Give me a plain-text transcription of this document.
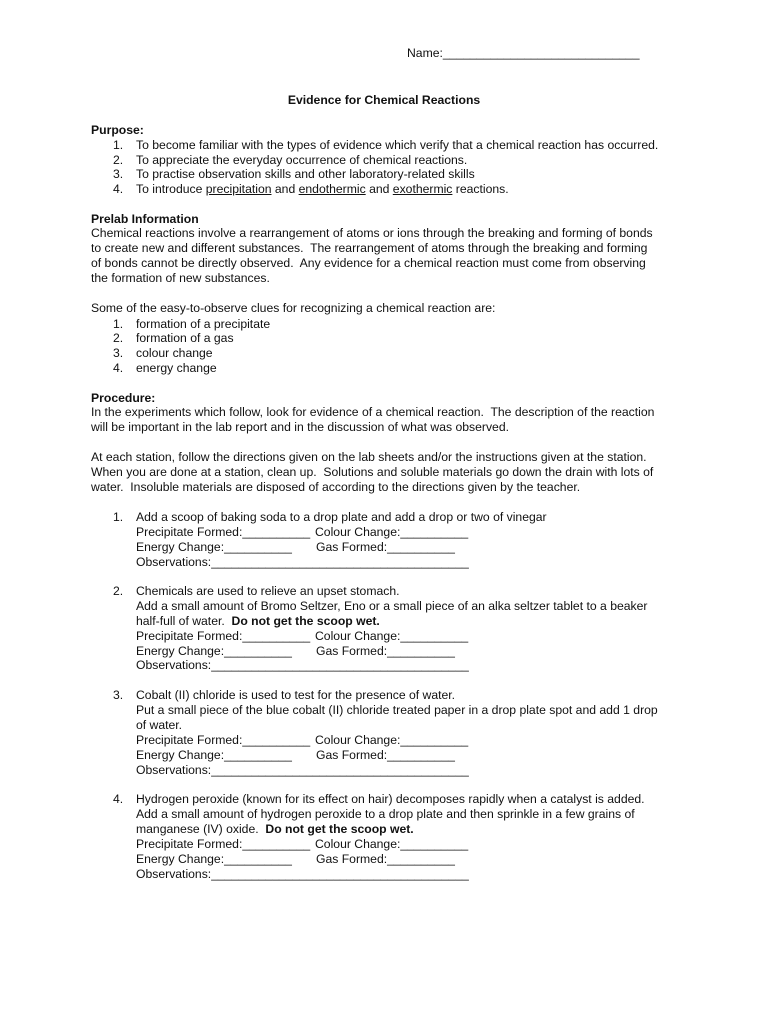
Name:_____________________________
Evidence for Chemical Reactions
Purpose:
1. To become familiar with the types of evidence which verify that a chemical reaction has occurred.
2. To appreciate the everyday occurrence of chemical reactions.
3. To practise observation skills and other laboratory-related skills
4. To introduce precipitation and endothermic and exothermic reactions.
Prelab Information
Chemical reactions involve a rearrangement of atoms or ions through the breaking and forming of bonds
to create new and different substances.  The rearrangement of atoms through the breaking and forming
of bonds cannot be directly observed.  Any evidence for a chemical reaction must come from observing
the formation of new substances.
Some of the easy-to-observe clues for recognizing a chemical reaction are:
1. formation of a precipitate
2. formation of a gas
3. colour change
4. energy change
Procedure:
In the experiments which follow, look for evidence of a chemical reaction.  The description of the reaction
will be important in the lab report and in the discussion of what was observed.
At each station, follow the directions given on the lab sheets and/or the instructions given at the station.
When you are done at a station, clean up.  Solutions and soluble materials go down the drain with lots of
water.  Insoluble materials are disposed of according to the directions given by the teacher.
1. Add a scoop of baking soda to a drop plate and add a drop or two of vinegar
Precipitate Formed:__________ Colour Change:__________
Energy Change:__________ Gas Formed:__________
Observations:______________________________________
2. Chemicals are used to relieve an upset stomach.
Add a small amount of Bromo Seltzer, Eno or a small piece of an alka seltzer tablet to a beaker
half-full of water.  Do not get the scoop wet.
Precipitate Formed:__________ Colour Change:__________
Energy Change:__________ Gas Formed:__________
Observations:______________________________________
3. Cobalt (II) chloride is used to test for the presence of water.
Put a small piece of the blue cobalt (II) chloride treated paper in a drop plate spot and add 1 drop
of water.
Precipitate Formed:__________ Colour Change:__________
Energy Change:__________ Gas Formed:__________
Observations:______________________________________
4. Hydrogen peroxide (known for its effect on hair) decomposes rapidly when a catalyst is added.
Add a small amount of hydrogen peroxide to a drop plate and then sprinkle in a few grains of
manganese (IV) oxide.  Do not get the scoop wet.
Precipitate Formed:__________ Colour Change:__________
Energy Change:__________ Gas Formed:__________
Observations:______________________________________
